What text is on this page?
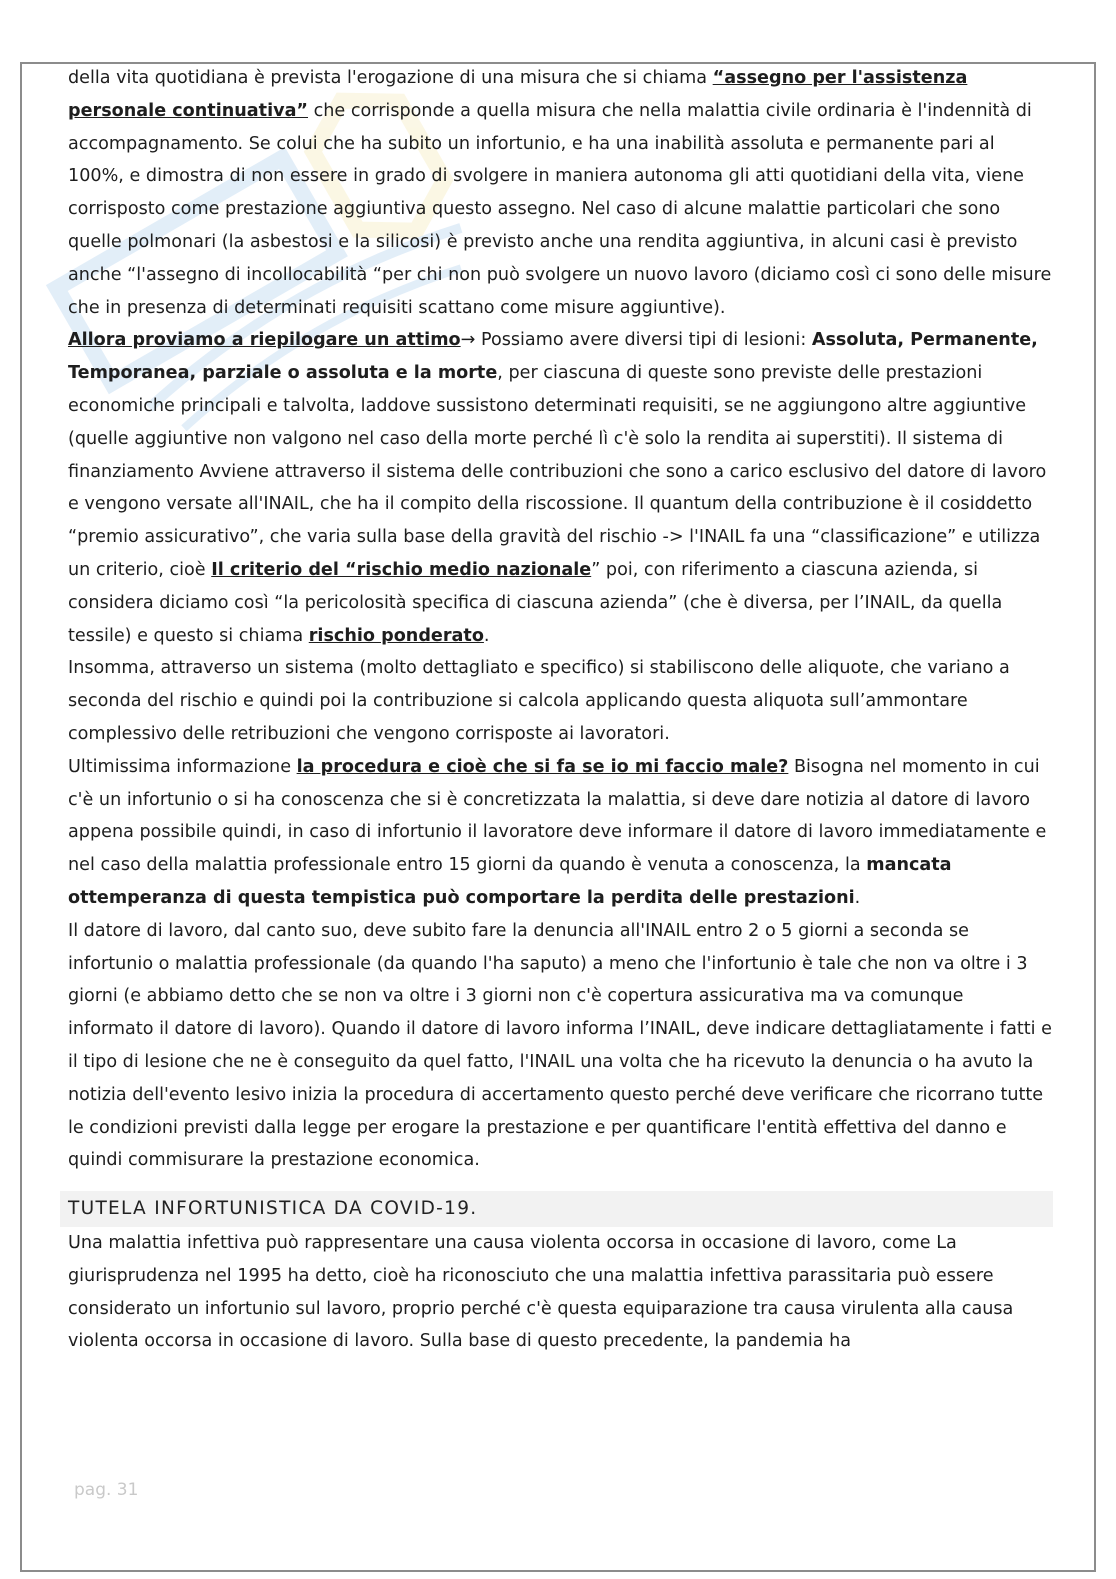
della vita quotidiana è prevista l'erogazione di una misura che si chiama “assegno per l'assistenza personale continuativa” che corrisponde a quella misura che nella malattia civile ordinaria è l'indennità di accompagnamento. Se colui che ha subito un infortunio, e ha una inabilità assoluta e permanente pari al 100%, e dimostra di non essere in grado di svolgere in maniera autonoma gli atti quotidiani della vita, viene corrisposto come prestazione aggiuntiva questo assegno. Nel caso di alcune malattie particolari che sono quelle polmonari (la asbestosi e la silicosi) è previsto anche una rendita aggiuntiva, in alcuni casi è previsto anche “l'assegno di incollocabilità “per chi non può svolgere un nuovo lavoro (diciamo così ci sono delle misure che in presenza di determinati requisiti scattano come misure aggiuntive).

Allora proviamo a riepilogare un attimo→ Possiamo avere diversi tipi di lesioni: Assoluta, Permanente, Temporanea, parziale o assoluta e la morte, per ciascuna di queste sono previste delle prestazioni economiche principali e talvolta, laddove sussistono determinati requisiti, se ne aggiungono altre aggiuntive (quelle aggiuntive non valgono nel caso della morte perché lì c'è solo la rendita ai superstiti). Il sistema di finanziamento Avviene attraverso il sistema delle contribuzioni che sono a carico esclusivo del datore di lavoro e vengono versate all'INAIL, che ha il compito della riscossione. Il quantum della contribuzione è il cosiddetto “premio assicurativo”, che varia sulla base della gravità del rischio -> l'INAIL fa una “classificazione” e utilizza un criterio, cioè Il criterio del “rischio medio nazionale” poi, con riferimento a ciascuna azienda, si considera diciamo così “la pericolosità specifica di ciascuna azienda” (che è diversa, per l’INAIL, da quella tessile) e questo si chiama rischio ponderato.

Insomma, attraverso un sistema (molto dettagliato e specifico) si stabiliscono delle aliquote, che variano a seconda del rischio e quindi poi la contribuzione si calcola applicando questa aliquota sull’ammontare complessivo delle retribuzioni che vengono corrisposte ai lavoratori.

Ultimissima informazione la procedura e cioè che si fa se io mi faccio male? Bisogna nel momento in cui c'è un infortunio o si ha conoscenza che si è concretizzata la malattia, si deve dare notizia al datore di lavoro appena possibile quindi, in caso di infortunio il lavoratore deve informare il datore di lavoro immediatamente e nel caso della malattia professionale entro 15 giorni da quando è venuta a conoscenza, la mancata ottemperanza di questa tempistica può comportare la perdita delle prestazioni.

Il datore di lavoro, dal canto suo, deve subito fare la denuncia all'INAIL entro 2 o 5 giorni a seconda se infortunio o malattia professionale (da quando l'ha saputo) a meno che l'infortunio è tale che non va oltre i 3 giorni (e abbiamo detto che se non va oltre i 3 giorni non c'è copertura assicurativa ma va comunque informato il datore di lavoro). Quando il datore di lavoro informa l’INAIL, deve indicare dettagliatamente i fatti e il tipo di lesione che ne è conseguito da quel fatto, l'INAIL una volta che ha ricevuto la denuncia o ha avuto la notizia dell'evento lesivo inizia la procedura di accertamento questo perché deve verificare che ricorrano tutte le condizioni previsti dalla legge per erogare la prestazione e per quantificare l'entità effettiva del danno e quindi commisurare la prestazione economica.

TUTELA INFORTUNISTICA DA COVID-19.

Una malattia infettiva può rappresentare una causa violenta occorsa in occasione di lavoro, come La giurisprudenza nel 1995 ha detto, cioè ha riconosciuto che una malattia infettiva parassitaria può essere considerato un infortunio sul lavoro, proprio perché c'è questa equiparazione tra causa virulenta alla causa violenta occorsa in occasione di lavoro. Sulla base di questo precedente, la pandemia ha

pag. 31
